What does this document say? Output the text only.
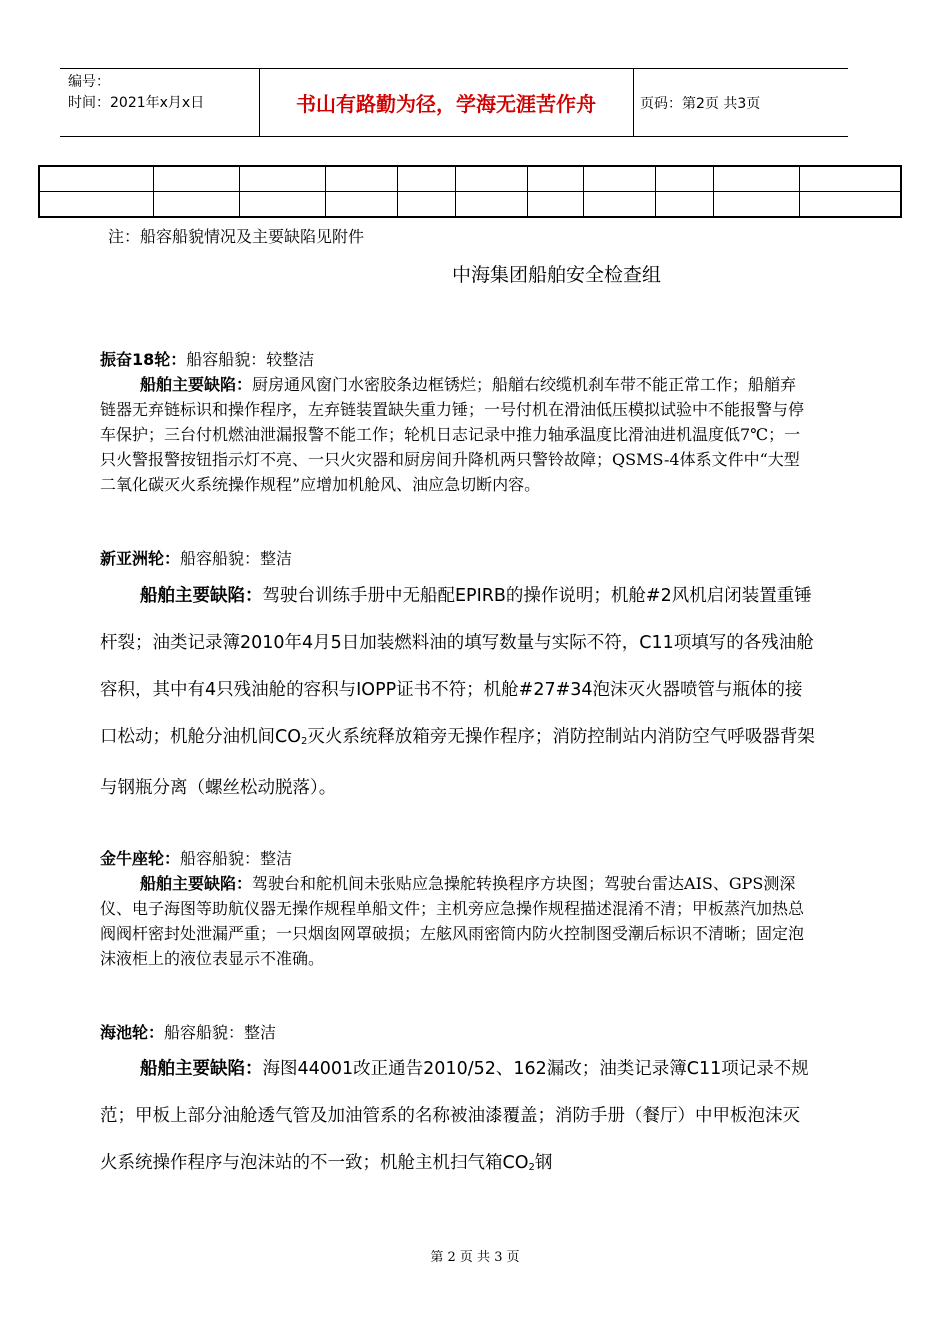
编号：
时间：2021年x月x日	书山有路勤为径，学海无涯苦作舟	页码：第2页 共3页

注：船容船貌情况及主要缺陷见附件
中海集团船舶安全检查组
振奋18轮：船容船貌：较整洁
船舶主要缺陷：厨房通风窗门水密胶条边框锈烂；船艏右绞缆机刹车带不能正常工作；船艏弃链器无弃链标识和操作程序，左弃链装置缺失重力锤；一号付机在滑油低压模拟试验中不能报警与停车保护；三台付机燃油泄漏报警不能工作；轮机日志记录中推力轴承温度比滑油进机温度低7℃；一只火警报警按钮指示灯不亮、一只火灾器和厨房间升降机两只警铃故障；QSMS-4体系文件中“大型二氧化碳灭火系统操作规程”应增加机舱风、油应急切断内容。
新亚洲轮：船容船貌：整洁
船舶主要缺陷：驾驶台训练手册中无船配EPIRB的操作说明；机舱#2风机启闭装置重锤杆裂；油类记录簿2010年4月5日加装燃料油的填写数量与实际不符，C11项填写的各残油舱容积，其中有4只残油舱的容积与IOPP证书不符；机舱#27#34泡沫灭火器喷管与瓶体的接口松动；机舱分油机间$CO_2$灭火系统释放箱旁无操作程序；消防控制站内消防空气呼吸器背架与钢瓶分离（螺丝松动脱落）。
金牛座轮：船容船貌：整洁
船舶主要缺陷：驾驶台和舵机间未张贴应急操舵转换程序方块图；驾驶台雷达AIS、GPS测深仪、电子海图等助航仪器无操作规程单船文件；主机旁应急操作规程描述混淆不清；甲板蒸汽加热总阀阀杆密封处泄漏严重；一只烟囱网罩破损；左舷风雨密筒内防火控制图受潮后标识不清晰；固定泡沫液柜上的液位表显示不准确。
海池轮：船容船貌：整洁
船舶主要缺陷：海图44001改正通告2010/52、162漏改；油类记录簿C11项记录不规范；甲板上部分油舱透气管及加油管系的名称被油漆覆盖；消防手册（餐厅）中甲板泡沫灭火系统操作程序与泡沫站的不一致；机舱主机扫气箱$CO_2$钢
第 2 页 共 3 页
